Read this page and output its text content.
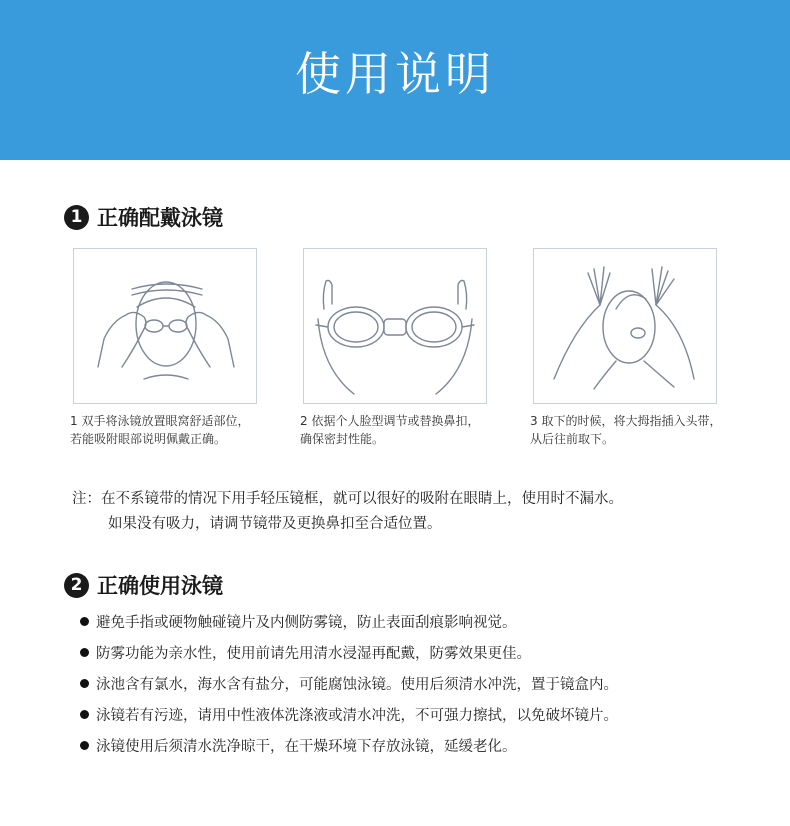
使用说明
1 正确配戴泳镜
1 双手将泳镜放置眼窝舒适部位，
若能吸附眼部说明佩戴正确。
2 依据个人脸型调节或替换鼻扣，
确保密封性能。
3 取下的时候，将大拇指插入头带，
从后往前取下。
注：在不系镜带的情况下用手轻压镜框，就可以很好的吸附在眼睛上，使用时不漏水。
如果没有吸力，请调节镜带及更换鼻扣至合适位置。
2 正确使用泳镜
避免手指或硬物触碰镜片及内侧防雾镜，防止表面刮痕影响视觉。
防雾功能为亲水性，使用前请先用清水浸湿再配戴，防雾效果更佳。
泳池含有氯水，海水含有盐分，可能腐蚀泳镜。使用后须清水冲洗，置于镜盒内。
泳镜若有污迹，请用中性液体洗涤液或清水冲洗，不可强力擦拭，以免破坏镜片。
泳镜使用后须清水洗净晾干，在干燥环境下存放泳镜，延缓老化。
